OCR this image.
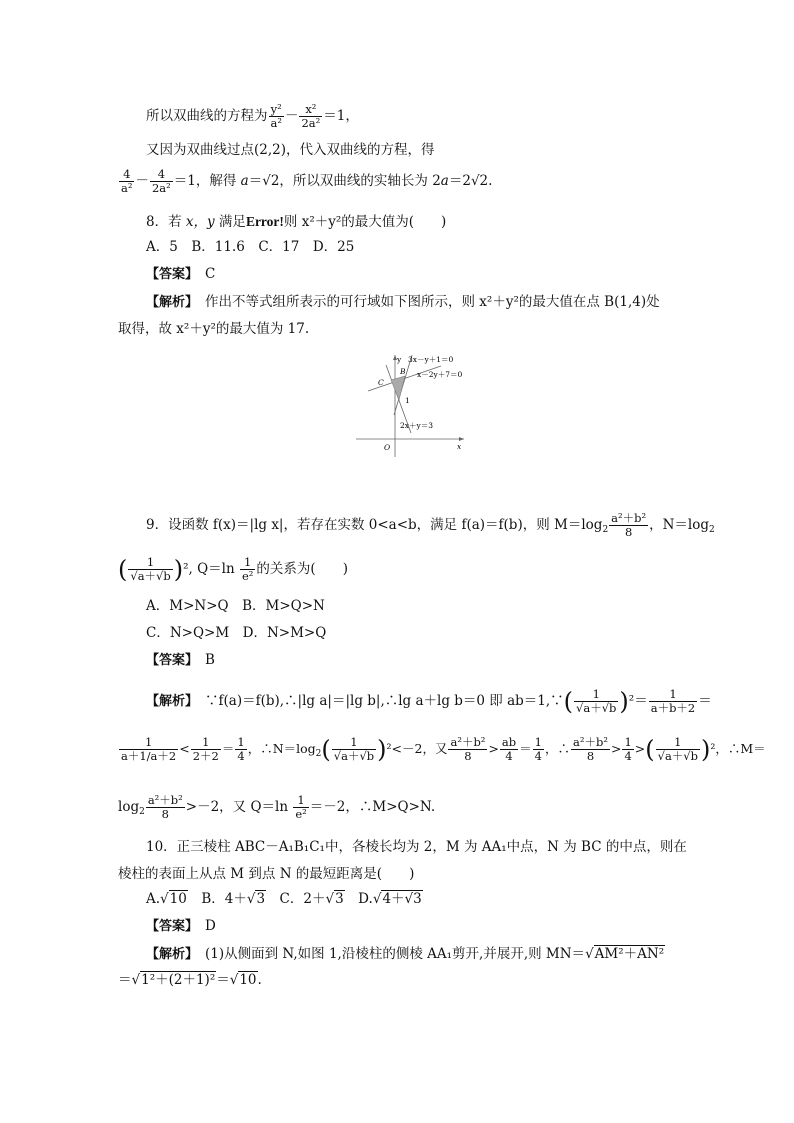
所以双曲线的方程为 $\frac{\text{y²}}{\text{a²}} - \frac{\text{x²}}{\text{2a²}} =1$，
又因为双曲线过点(2,2)，代入双曲线的方程，得
$\frac{4}{\text{a²}} - \frac{4}{\text{2a²}} =1$，解得 a＝√2，所以双曲线的实轴长为 2a＝2√2.
8．若 x，y 满足Error!则 x²＋y²的最大值为(　　)
A．5　B．11.6　C．17　D．25
【答案】　 C
【解析】　 作出不等式组所表示的可行域如下图所示，则 x²＋y²的最大值在点 B(1,4)处
取得，故 x²＋y²的最大值为 17.
y 3x－y＋1＝0
B x－2y＋7＝0
C
1
2x＋y＝3
O	x
9．设函数 f(x)＝|lg x|，若存在实数 0<a<b，满足 f(a)＝f(b)，则 $M=\log_2 \frac{\text{a²＋b²}}{8}$ ，$N=\log_2$
( $\frac{1}{√a+√b} )^2$, $Q=\ln \frac{1}{\text{e²}}$ 的关系为(　　)
A．M>N>Q　B．M>Q>N
C．N>Q>M　D．N>M>Q
【答案】　 B
【解析】　 ∵f(a)＝f(b),∴|lg a|＝|lg b|,∴lg a＋lg b＝0 即 ab＝1,∵( $\frac{1}{√a+√b} )^2= \frac{1}{a+b+2}$ ＝
$\frac{1}{a+1/a+2} < \frac{1}{2+2} = \frac{1}{4}$ ，$\therefore N=\log_2( \frac{1}{√a+√b} )^2<-2$，又 $\frac{\text{a²＋b²}}{8} > \frac{ab}{4} = \frac{1}{4}$ ，∴ $\frac{\text{a²＋b²}}{8} > \frac{1}{4}$ >( $\frac{1}{√a+√b} )^2$，∴M＝
$\log_2 \frac{\text{a²＋b²}}{8} >-2$，又 $Q=\ln \frac{1}{\text{e²}} =-2$，∴M>Q>N.
10．正三棱柱 ABC－A₁B₁C₁中，各棱长均为 2，M 为 AA₁中点，N 为 BC 的中点，则在
棱柱的表面上从点 M 到点 N 的最短距离是(　　)
A.√10　B．4＋√3　C．2＋√3　D.√4＋√3
【答案】　 D
【解析】　 (1)从侧面到 N,如图 1,沿棱柱的侧棱 AA₁剪开,并展开,则 MN＝√AM²＋AN²
＝√1²＋(2＋1)²＝√10.
